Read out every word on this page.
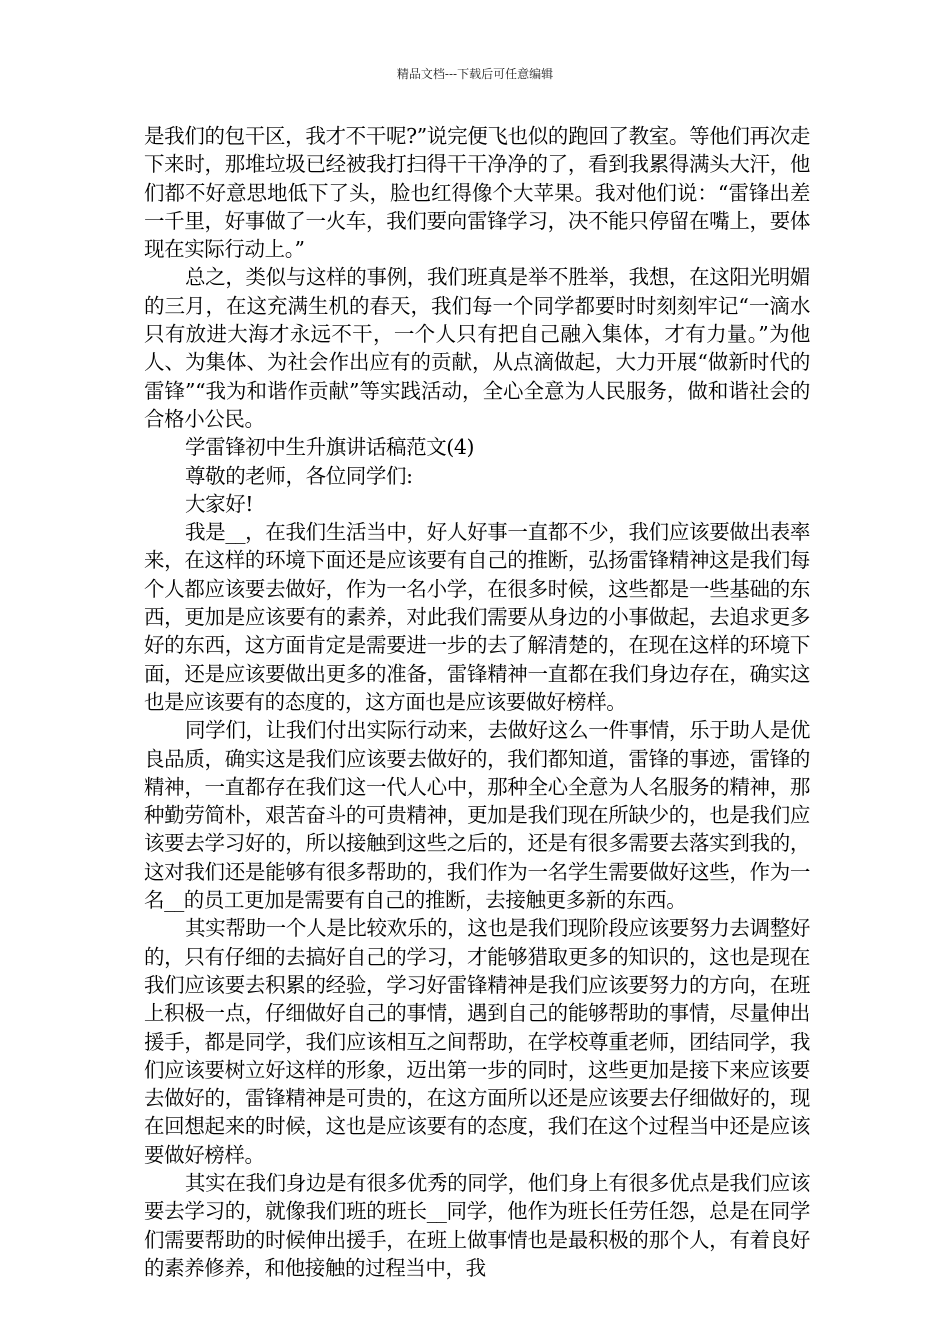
精品文档---下载后可任意编辑

是我们的包干区，我才不干呢?”说完便飞也似的跑回了教室。等他们再次走下来时，那堆垃圾已经被我打扫得干干净净的了，看到我累得满头大汗，他们都不好意思地低下了头，脸也红得像个大苹果。我对他们说：“雷锋出差一千里，好事做了一火车，我们要向雷锋学习，决不能只停留在嘴上，要体现在实际行动上。”

总之，类似与这样的事例，我们班真是举不胜举，我想，在这阳光明媚的三月，在这充满生机的春天，我们每一个同学都要时时刻刻牢记“一滴水只有放进大海才永远不干，一个人只有把自己融入集体，才有力量。”为他人、为集体、为社会作出应有的贡献，从点滴做起，大力开展“做新时代的雷锋”“我为和谐作贡献”等实践活动，全心全意为人民服务，做和谐社会的合格小公民。

学雷锋初中生升旗讲话稿范文(4)

尊敬的老师，各位同学们:

大家好!

我是__，在我们生活当中，好人好事一直都不少，我们应该要做出表率来，在这样的环境下面还是应该要有自己的推断，弘扬雷锋精神这是我们每个人都应该要去做好，作为一名小学，在很多时候，这些都是一些基础的东西，更加是应该要有的素养，对此我们需要从身边的小事做起，去追求更多好的东西，这方面肯定是需要进一步的去了解清楚的，在现在这样的环境下面，还是应该要做出更多的准备，雷锋精神一直都在我们身边存在，确实这也是应该要有的态度的，这方面也是应该要做好榜样。

同学们，让我们付出实际行动来，去做好这么一件事情，乐于助人是优良品质，确实这是我们应该要去做好的，我们都知道，雷锋的事迹，雷锋的精神，一直都存在我们这一代人心中，那种全心全意为人名服务的精神，那种勤劳简朴，艰苦奋斗的可贵精神，更加是我们现在所缺少的，也是我们应该要去学习好的，所以接触到这些之后的，还是有很多需要去落实到我的，这对我们还是能够有很多帮助的，我们作为一名学生需要做好这些，作为一名__的员工更加是需要有自己的推断，去接触更多新的东西。

其实帮助一个人是比较欢乐的，这也是我们现阶段应该要努力去调整好的，只有仔细的去搞好自己的学习，才能够猎取更多的知识的，这也是现在我们应该要去积累的经验，学习好雷锋精神是我们应该要努力的方向，在班上积极一点，仔细做好自己的事情，遇到自己的能够帮助的事情，尽量伸出援手，都是同学，我们应该相互之间帮助，在学校尊重老师，团结同学，我们应该要树立好这样的形象，迈出第一步的同时，这些更加是接下来应该要去做好的，雷锋精神是可贵的，在这方面所以还是应该要去仔细做好的，现在回想起来的时候，这也是应该要有的态度，我们在这个过程当中还是应该要做好榜样。

其实在我们身边是有很多优秀的同学，他们身上有很多优点是我们应该要去学习的，就像我们班的班长__同学，他作为班长任劳任怨，总是在同学们需要帮助的时候伸出援手，在班上做事情也是最积极的那个人，有着良好的素养修养，和他接触的过程当中，我
